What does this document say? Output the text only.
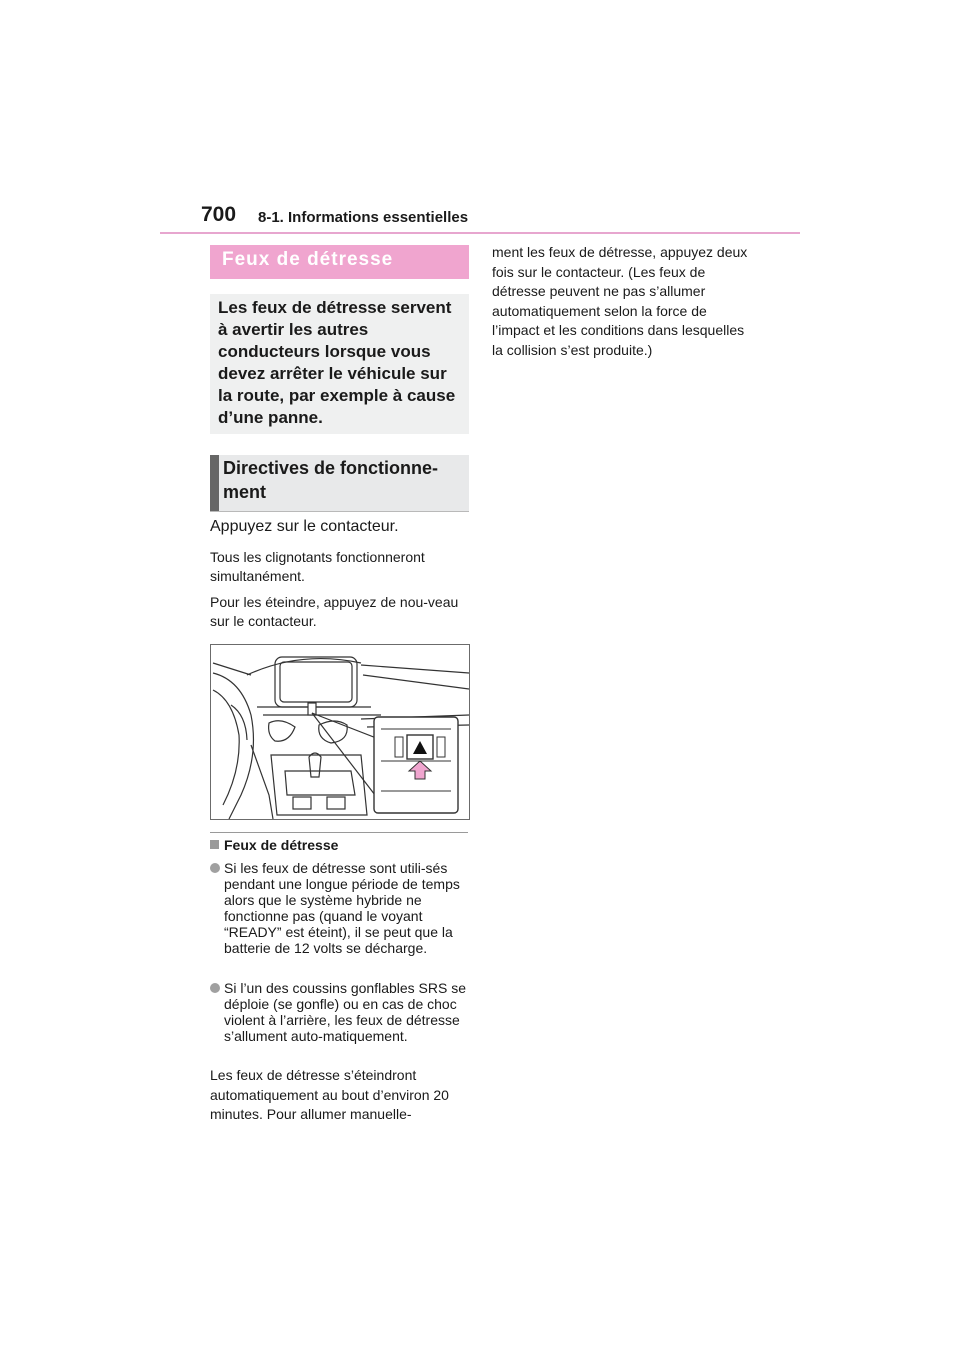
700 8-1. Informations essentielles
Feux de détresse

Les feux de détresse servent à avertir les autres conducteurs lorsque vous devez arrêter le véhicule sur la route, par exemple à cause d’une panne.

Directives de fonctionne-ment
Appuyez sur le contacteur.
Tous les clignotants fonctionneront simultanément.
Pour les éteindre, appuyez de nou-veau sur le contacteur.
Feux de détresse
Si les feux de détresse sont utili-sés pendant une longue période de temps alors que le système hybride ne fonctionne pas (quand le voyant “READY” est éteint), il se peut que la batterie de 12 volts se décharge.
Si l’un des coussins gonflables SRS se déploie (se gonfle) ou en cas de choc violent à l’arrière, les feux de détresse s’allument auto-matiquement.
Les feux de détresse s’éteindront automatiquement au bout d’environ 20 minutes. Pour allumer manuelle-
ment les feux de détresse, appuyez deux fois sur le contacteur. (Les feux de détresse peuvent ne pas s’allumer automatiquement selon la force de l’impact et les conditions dans lesquelles la collision s’est produite.)
